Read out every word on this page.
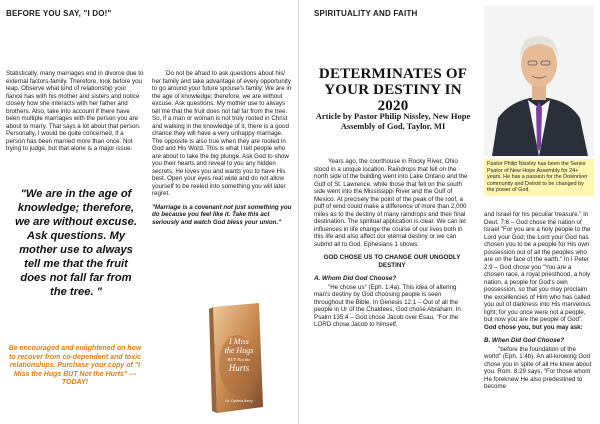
BEFORE YOU SAY, "I DO!"
Statistically, many marriages end in divorce due to external factors-family. Therefore, look before you leap. Observe what kind of relationship your fiancé has with his mother and sisters and notice closely how she interacts with her father and brothers. Also, take into account if there have been multiple marriages with the person you are about to marry. That says a lot about that person. Personally, I would be quite concerned, if a person has been married more than once. Not trying to judge, but that alone is a major issue.
"We are in the age of knowledge; therefore, we are without excuse. Ask questions. My mother use to always tell me that the fruit does not fall far from the tree. "
Be encouraged and enlightened on how to recover from co-dependent and toxic relationships. Purchase your copy of "I Miss the Hugs BUT Not the Hurts" --- TODAY!

Do not be afraid to ask questions about his/ her family and take advantage of every opportunity to go around your future spouse's family. We are in the age of knowledge; therefore, we are without excuse. Ask questions. My mother use to always tell me that the fruit does not fall far from the tree. So, if a man or woman is not truly rooted in Christ and walking in the knowledge of it, there is a good chance they will have a very unhappy marriage. The opposite is also true when they are rooted in God and His Word. This is what I tell people who are about to take the big plunge. Ask God to show you their hearts and reveal to you any hidden secrets. He loves you and wants you to have His best. Open your eyes real wide and do not allow yourself to be reeled into something you will later regret.

"Marriage is a covenant not just something you do because you feel like it. Take this act seriously and watch God bless your union."

I Miss
the Hugs
BUT Not the
Hurts
Dr. Cynthia Berry
SPIRITUALITY AND FAITH
DETERMINATES OF YOUR DESTINY IN 2020
Article by Pastor Philip Nissley, New Hope Assembly of God, Taylor, MI
Pastor Philip Nissley has been the Senior Pastor of New Hope Assembly for 24+ years. He has a passion for the Downriver community and Detroit to be changed by the power of God.

Years ago, the courthouse in Rocky River, Ohio stood in a unique location. Raindrops that fell on the north side of the building went into Lake Ontario and the Gulf of St. Lawrence, while those that fell on the south side went into the Mississippi River and the Gulf of Mexico. At precisely the point of the peak of the roof, a puff of wind could make a difference of more than 2,000 miles as to the destiny of many raindrops and their final destination. The spiritual application is clear. We can let influences in life change the course of our lives both in this life and also affect our eternal destiny or we can submit all to God. Ephesians 1 shows:

GOD CHOSE US TO CHANGE OUR UNGODLY DESTINY

A. Whom Did God Choose?

"He chose us" (Eph. 1:4a). This idea of altering man's destiny by God choosing people is seen throughout the Bible. In Genesis 12:1 – Out of all the people in Ur of the Chaldees, God chose Abraham. In Psalm 135:4 – God chose Jacob over Esau, "For the LORD chose Jacob to himself,

and Israel for his peculiar treasure." In Deut. 7:6 – God chose the nation of Israel "For you are a holy people to the Lord your God; the Lord your God has chosen you to be a people for His own possession out of all the peoples who are on the face of the earth." In I Peter 2:9 – God chose you "You are a chosen race, a royal priesthood, a holy nation, a people for God's own possession, so that you may proclaim the excellencies of Him who has called you out of darkness into His marvelous light; for you once were not a people, but now you are the people of God". God chose you, but you may ask:

B. When Did God Choose?

"before the foundation of the world" (Eph. 1:4b). An all-knowing God chose you in spite of all He knew about you. Rom. 8:29 says, "For those whom He foreknew He also predestined to become
